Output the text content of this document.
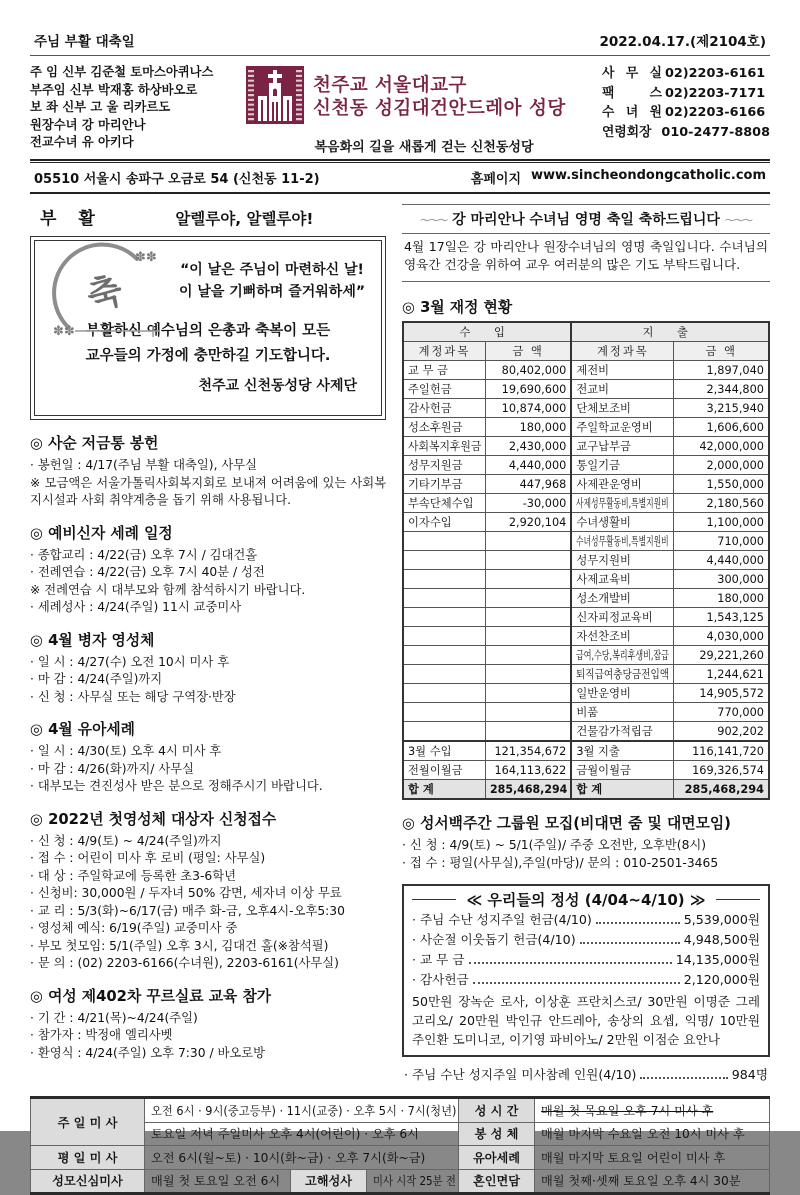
주님 부활 대축일	2022.04.17.(제2104호)
주 임 신부 김준철 토마스아퀴나스
부주임 신부 박재홍 하상바오로
보 좌 신부 고 울 리카르도
원장수녀 강 마리안나
전교수녀 유 아키다
천주교 서울대교구
신천동 성김대건안드레아 성당
복음화의 길을 새롭게 걷는 신천동성당
사 무 실 02)2203-6161
팩 스 02)2203-7171
수 녀 원 02)2203-6166
연령회장 010-2477-8808
05510 서울시 송파구 오금로 54 (신천동 11-2)	홈페이지 www.sincheondongcatholic.com
부 활	알렐루야, 알렐루야!
축
✽✽
✽✽
“이 날은 주님이 마련하신 날!
이 날을 기뻐하며 즐거워하세”
부활하신 예수님의 은총과 축복이 모든
교우들의 가정에 충만하길 기도합니다.
천주교 신천동성당 사제단
◎ 사순 저금통 봉헌
· 봉헌일 : 4/17(주님 부활 대축일), 사무실
※ 모금액은 서울가톨릭사회복지회로 보내져 어려움에 있는 사회복지시설과 사회 취약계층을 돕기 위해 사용됩니다.
◎ 예비신자 세례 일정
· 종합교리 : 4/22(금) 오후 7시 / 김대건홀
· 전례연습 : 4/22(금) 오후 7시 40분 / 성전
※ 전례연습 시 대부모와 함께 참석하시기 바랍니다.
· 세례성사 : 4/24(주일) 11시 교중미사
◎ 4월 병자 영성체
· 일 시 : 4/27(수) 오전 10시 미사 후
· 마 감 : 4/24(주일)까지
· 신 청 : 사무실 또는 해당 구역장·반장
◎ 4월 유아세례
· 일 시 : 4/30(토) 오후 4시 미사 후
· 마 감 : 4/26(화)까지/ 사무실
· 대부모는 견진성사 받은 분으로 정해주시기 바랍니다.
◎ 2022년 첫영성체 대상자 신청접수
· 신 청 : 4/9(토) ~ 4/24(주일)까지
· 접 수 : 어린이 미사 후 로비 (평일: 사무실)
· 대 상 : 주일학교에 등록한 초3-6학년
· 신청비: 30,000원 / 두자녀 50% 감면, 세자녀 이상 무료
· 교 리 : 5/3(화)~6/17(금) 매주 화-금, 오후4시-오후5:30
· 영성체 예식: 6/19(주일) 교중미사 중
· 부모 첫모임: 5/1(주일) 오후 3시, 김대건 홀(※참석필)
· 문 의 : (02) 2203-6166(수녀원), 2203-6161(사무실)
◎ 여성 제402차 꾸르실료 교육 참가
· 기 간 : 4/21(목)~4/24(주일)
· 참가자 : 박정애 엘리사벳
· 환영식 : 4/24(주일) 오후 7:30 / 바오로방
～～～ 강 마리안나 수녀님 영명 축일 축하드립니다 ～～～
4월 17일은 강 마리안나 원장수녀님의 영명 축일입니다. 수녀님의 영육간 건강을 위하여 교우 여러분의 많은 기도 부탁드립니다.
◎ 3월 재정 현황
수 입		지 출	
계정과목	금 액	계정과목	금 액
교 무 금	80,402,000	제전비	1,897,040
주일헌금	19,690,600	전교비	2,344,800
감사헌금	10,874,000	단체보조비	3,215,940
성소후원금	180,000	주일학교운영비	1,606,600
사회복지후원금	2,430,000	교구납부금	42,000,000
성무지원금	4,440,000	통일기금	2,000,000
기타기부금	447,968	사제관운영비	1,550,000
부속단체수입	-30,000	사제성무활동비,특별지원비	2,180,560
이자수입	2,920,104	수녀생활비	1,100,000
		수녀성무활동비,특별지원비	710,000
		성무지원비	4,440,000
		사제교육비	300,000
		성소개발비	180,000
		신자피정교육비	1,543,125
		자선찬조비	4,030,000
		급여,수당,복리후생비,잡급	29,221,260
		퇴직급여충당금전입액	1,244,621
		일반운영비	14,905,572
		비품	770,000
		건물감가적립금	902,202
3월 수입	121,354,672	3월 지출	116,141,720
전월이월금	164,113,622	금월이월금	169,326,574
합 계	285,468,294	합 계	285,468,294
◎ 성서백주간 그룹원 모집(비대면 줌 및 대면모임)
· 신 청 : 4/9(토) ~ 5/1(주일)/ 주중 오전반, 오후반(8시)
· 접 수 : 평일(사무실),주일(마당)/ 문의 : 010-2501-3465
≪ 우리들의 정성 (4/04~4/10) ≫
· 주님 수난 성지주일 헌금(4/10)	5,539,000원
· 사순절 이웃돕기 헌금(4/10)	4,948,500원
· 교 무 금	14,135,000원
· 감사헌금	2,120,000원
50만원 장녹순 로사, 이상훈 프란치스코/ 30만원 이명준 그레고리오/ 20만원 박인규 안드레아, 송상의 요셉, 익명/ 10만원 주인환 도미니코, 이기영 파비아노/ 2만원 이점순 요안나
· 주님 수난 성지주일 미사참례 인원(4/10)	984명
주 일 미 사	오전 6시 · 9시(중고등부) · 11시(교중) · 오후 5시 · 7시(청년)			성 시 간	매월 첫 목요일 오후 7시 미사 후
	토요일 저녁 주일미사 오후 4시(어린이) · 오후 6시			봉 성 체	매월 마지막 수요일 오전 10시 미사 후
평 일 미 사	오전 6시(월~토) · 10시(화~금) · 오후 7시(화~금)			유아세례	매월 마지막 토요일 어린이 미사 후
성모신심미사	매월 첫 토요일 오전 6시	고해성사	미사 시작 25분 전	혼인면담	매월 첫째·셋째 토요일 오후 4시 30분
